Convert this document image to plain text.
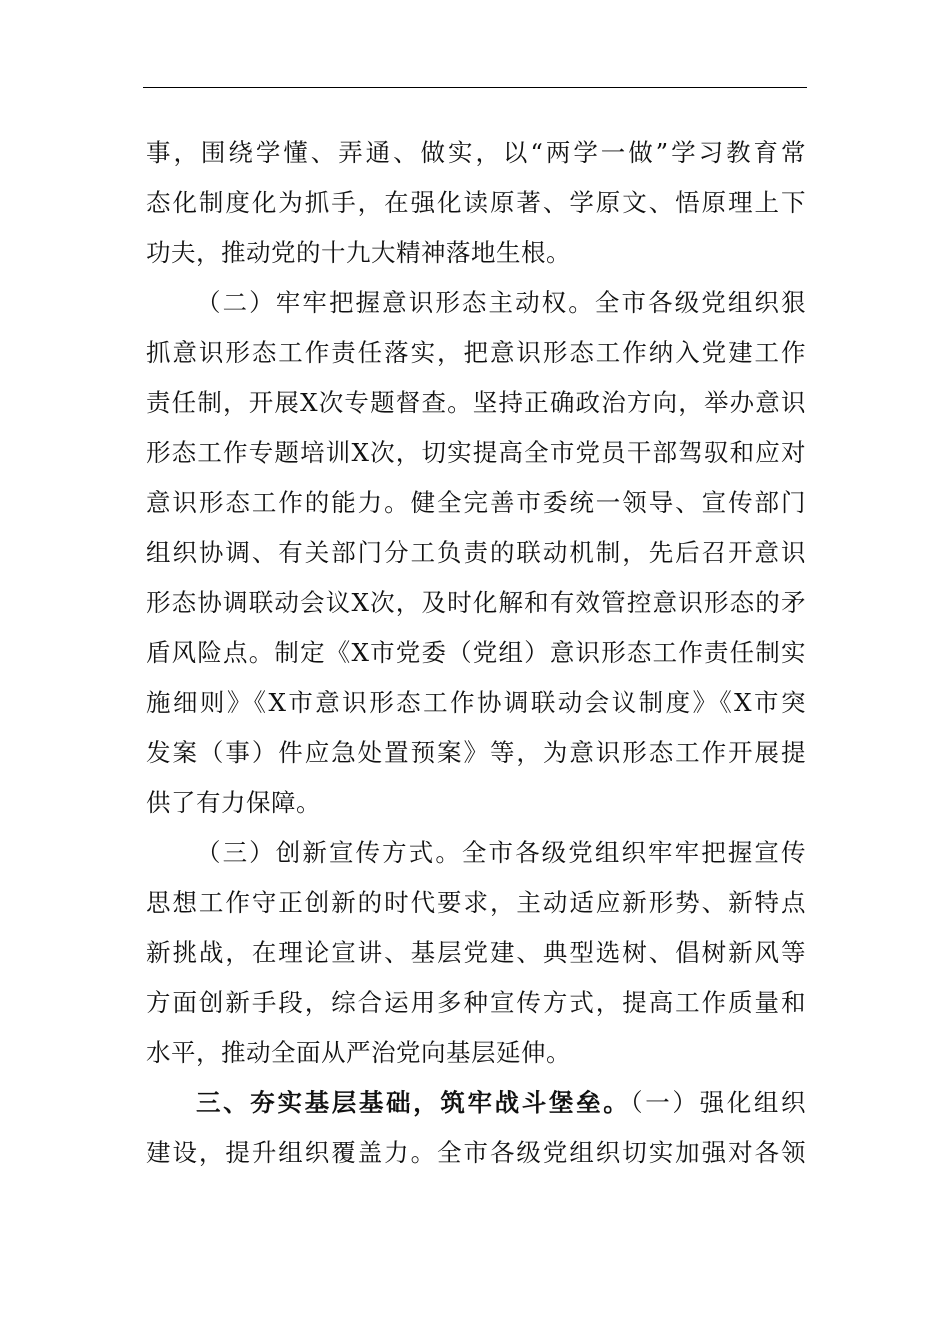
事，围绕学懂、弄通、做实，以“两学一做”学习教育常
态化制度化为抓手，在强化读原著、学原文、悟原理上下
功夫，推动党的十九大精神落地生根。
（二）牢牢把握意识形态主动权。全市各级党组织狠
抓意识形态工作责任落实，把意识形态工作纳入党建工作
责任制，开展X次专题督查。坚持正确政治方向，举办意识
形态工作专题培训X次，切实提高全市党员干部驾驭和应对
意识形态工作的能力。健全完善市委统一领导、宣传部门
组织协调、有关部门分工负责的联动机制，先后召开意识
形态协调联动会议X次，及时化解和有效管控意识形态的矛
盾风险点。制定《X市党委（党组）意识形态工作责任制实
施细则》《X市意识形态工作协调联动会议制度》《X市突
发案（事）件应急处置预案》等，为意识形态工作开展提
供了有力保障。
（三）创新宣传方式。全市各级党组织牢牢把握宣传
思想工作守正创新的时代要求，主动适应新形势、新特点
新挑战，在理论宣讲、基层党建、典型选树、倡树新风等
方面创新手段，综合运用多种宣传方式，提高工作质量和
水平，推动全面从严治党向基层延伸。
三、夯实基层基础，筑牢战斗堡垒。（一）强化组织
建设，提升组织覆盖力。全市各级党组织切实加强对各领
